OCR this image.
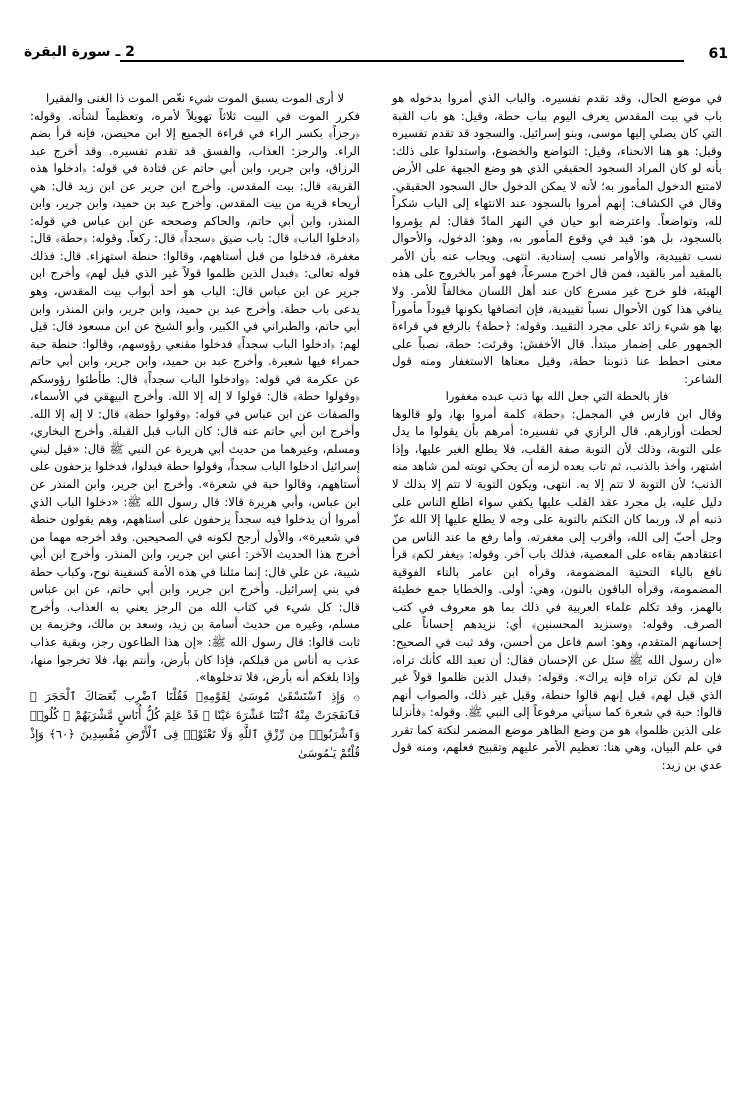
2 ـ سورة البقرة	61

في موضع الحال، وقد تقدم تفسيره. والباب الذي أمروا بدخوله هو باب في بيت المقدس يعرف اليوم بباب حطة، وقيل: هو باب القبة التي كان يصلي إليها موسى، وبنو إسرائيل. والسجود قد تقدم تفسيره وقيل: هو هنا الانحناء، وقيل: التواضع والخضوع، واستدلوا على ذلك: بأنه لو كان المراد السجود الحقيقي الذي هو وضع الجبهة على الأرض لامتنع الدخول المأمور به؛ لأنه لا يمكن الدخول حال السجود الحقيقي. وقال في الكشاف: إنهم أمروا بالسجود عند الانتهاء إلى الباب شكراً لله، وتواضعاً. واعترضه أبو حيان في النهر المادّ فقال: لم يؤمروا بالسجود، بل هو: قيد في وقوع المأمور به، وهو: الدخول، والأحوال نسب تقييدية، والأوامر نسب إسنادية. انتهى. ويجاب عنه بأن الأمر بالمقيد أمر بالقيد، فمن قال اخرج مسرعاً، فهو آمر بالخروج على هذه الهيئة، فلو خرج غير مسرع كان عند أهل اللسان مخالفاً للأمر. ولا ينافي هذا كون الأحوال نسباً تقييدية، فإن اتصافها بكونها قيوداً مأموراً بها هو شيء زائد على مجرد التقييد. وقوله: ﴿حطة﴾ بالرفع في قراءة الجمهور على إضمار مبتدأ. قال الأخفش: وقرئت: حطة، نصباً على معنى احطط عنا ذنوبنا حطة، وقيل معناها الاستغفار ومنه قول الشاعر:

فاز بالحطة التي جعل الله بها ذنب عبده مغفورا

وقال ابن فارس في المجمل: ﴿حطة﴾ كلمة أمروا بها، ولو قالوها لحطت أوزارهم. قال الرازي في تفسيره: أمرهم بأن يقولوا ما يدل على التوبة، وذلك لأن التوبة صفة القلب، فلا يطلع الغير عليها، وإذا اشتهر، وأخذ بالذنب، ثم تاب بعده لزمه أن يحكي توبته لمن شاهد منه الذنب؛ لأن التوبة لا تتم إلا به. انتهى، ويكون التوبة لا تتم إلا بذلك لا دليل عليه، بل مجرد عقد القلب عليها يكفي سواء اطلع الناس على ذنبه أم لا، وربما كان التكتم بالتوبة على وجه لا يطلع عليها إلا الله عزّ وجل أحبّ إلى الله، وأقرب إلى مغفرته. وأما رفع ما عند الناس من اعتقادهم بقاءه على المعصية، فذلك باب آخر. وقوله: ﴿يغفر لكم﴾ قرأ نافع بالياء التحتية المضمومة، وقرأه ابن عامر بالتاء الفوقية المضمومة، وقرأه الباقون بالنون، وهي: أولى. والخطايا جمع خطيئة بالهمز، وقد تكلم علماء العربية في ذلك بما هو معروف في كتب الصرف. وقوله: ﴿وسنزيد المحسنين﴾ أي: نزيدهم إحساناً على إحسانهم المتقدم، وهو: اسم فاعل من أحسن، وقد ثبت في الصحيح: «أن رسول الله ﷺ سئل عن الإحسان فقال: أن تعبد الله كأنك تراه، فإن لم تكن تراه فإنه يراك». وقوله: ﴿فبدل الذين ظلموا قولاً غير الذي قيل لهم﴾ قيل إنهم قالوا حنطة، وقيل غير ذلك، والصواب أنهم قالوا: حبة في شعرة كما سيأتي مرفوعاً إلى النبي ﷺ. وقوله: ﴿فأنزلنا على الذين ظلموا﴾ هو من وضع الظاهر موضع المضمر لنكتة كما تقرر في علم البيان، وهي هنا: تعظيم الأمر عليهم وتقبيح فعلهم، ومنه قول عدي بن زيد:

لا أرى الموت يسبق الموت شيء نغّص الموت ذا الغنى والفقيرا

فكرر الموت في البيت ثلاثاً تهويلاً لأمره، وتعظيماً لشأنه. وقوله: ﴿رجزاً﴾ بكسر الراء في قراءة الجميع إلا ابن محيصن، فإنه قرأ بضم الراء. والرجز: العذاب، والفسق قد تقدم تفسيره. وقد أخرج عبد الرزاق، وابن جرير، وابن أبي حاتم عن قتادة في قوله: ﴿ادخلوا هذه القرية﴾ قال: بيت المقدس. وأخرج ابن جرير عن ابن زيد قال: هي أريحاء قرية من بيت المقدس. وأخرج عبد بن حميد، وابن جرير، وابن المنذر، وابن أبي حاتم، والحاكم وصححه عن ابن عباس في قوله: ﴿ادخلوا الباب﴾ قال: باب ضيق ﴿سجداً﴾ قال: ركعاً. وقوله: ﴿حطة﴾ قال: مغفرة، فدخلوا من قبل أستاههم، وقالوا: حنطة استهزاء. قال: فذلك قوله تعالى: ﴿فبدل الذين ظلموا قولاً غير الذي قيل لهم﴾ وأخرج ابن جرير عن ابن عباس قال: الباب هو أحد أبواب بيت المقدس، وهو يدعى باب حطة. وأخرج عبد بن حميد، وابن جرير، وابن المنذر، وابن أبي حاتم، والطبراني في الكبير، وأبو الشيخ عن ابن مسعود قال: قيل لهم: ﴿ادخلوا الباب سجداً﴾ فدخلوا مقنعي رؤوسهم، وقالوا: حنطة حبة حمراء فيها شعيرة. وأخرج عبد بن حميد، وابن جرير، وابن أبي حاتم عن عكرمة في قوله: ﴿وادخلوا الباب سجداً﴾ قال: طأطئوا رؤوسكم ﴿وقولوا حطة﴾ قال: قولوا لا إله إلا الله. وأخرج البيهقي في الأسماء، والصفات عن ابن عباس في قوله: ﴿وقولوا حطة﴾ قال: لا إله إلا الله. وأخرج ابن أبي حاتم عنه قال: كان الباب قبل القبلة. وأخرج البخاري، ومسلم، وغيرهما من حديث أبي هريرة عن النبي ﷺ قال: «قيل لبني إسرائيل ادخلوا الباب سجداً، وقولوا حطة فبدلوا، فدخلوا يزحفون على أستاههم، وقالوا حبة في شعرة». وأخرج ابن جرير، وابن المنذر عن ابن عباس، وأبي هريرة قالا: قال رسول الله ﷺ: «دخلوا الباب الذي أمروا أن يدخلوا فيه سجداً يزحفون على أستاههم، وهم يقولون حنطة في شعيرة»، والأول أرجح لكونه في الصحيحين. وقد أخرجه مهما من أخرج هذا الحديث الآخر: أعني ابن جرير، وابن المنذر. وأخرج ابن أبي شيبة، عن علي قال: إنما مثلنا في هذه الأمة كسفينة نوح، وكباب حطة في بني إسرائيل. وأخرج ابن جرير، وابن أبي حاتم، عن ابن عباس قال: كل شيء في كتاب الله من الرجز يعني به العذاب. وأخرج مسلم، وغيره من حديث أسامة بن زيد، وسعد بن مالك، وخزيمة بن ثابت قالوا: قال رسول الله ﷺ: «إن هذا الطاعون رجز، وبقية عذاب عذب به أناس من قبلكم، فإذا كان بأرض، وأنتم بها، فلا تخرجوا منها، وإذا بلغكم أنه بأرض، فلا تدخلوها».

۞ وَإِذِ ٱسْتَسْقَىٰ مُوسَىٰ لِقَوْمِهِۦ فَقُلْنَا ٱضْرِب بِّعَصَاكَ ٱلْحَجَرَ ۖ فَٱنفَجَرَتْ مِنْهُ ٱثْنَتَا عَشْرَةَ عَيْنًا ۖ قَدْ عَلِمَ كُلُّ أُنَاسٍ مَّشْرَبَهُمْ ۖ كُلُوا۟ وَٱشْرَبُوا۟ مِن رِّزْقِ ٱللَّهِ وَلَا تَعْثَوْا۟ فِى ٱلْأَرْضِ مُفْسِدِينَ ﴿٦٠﴾ وَإِذْ قُلْتُمْ يَـٰمُوسَىٰ
